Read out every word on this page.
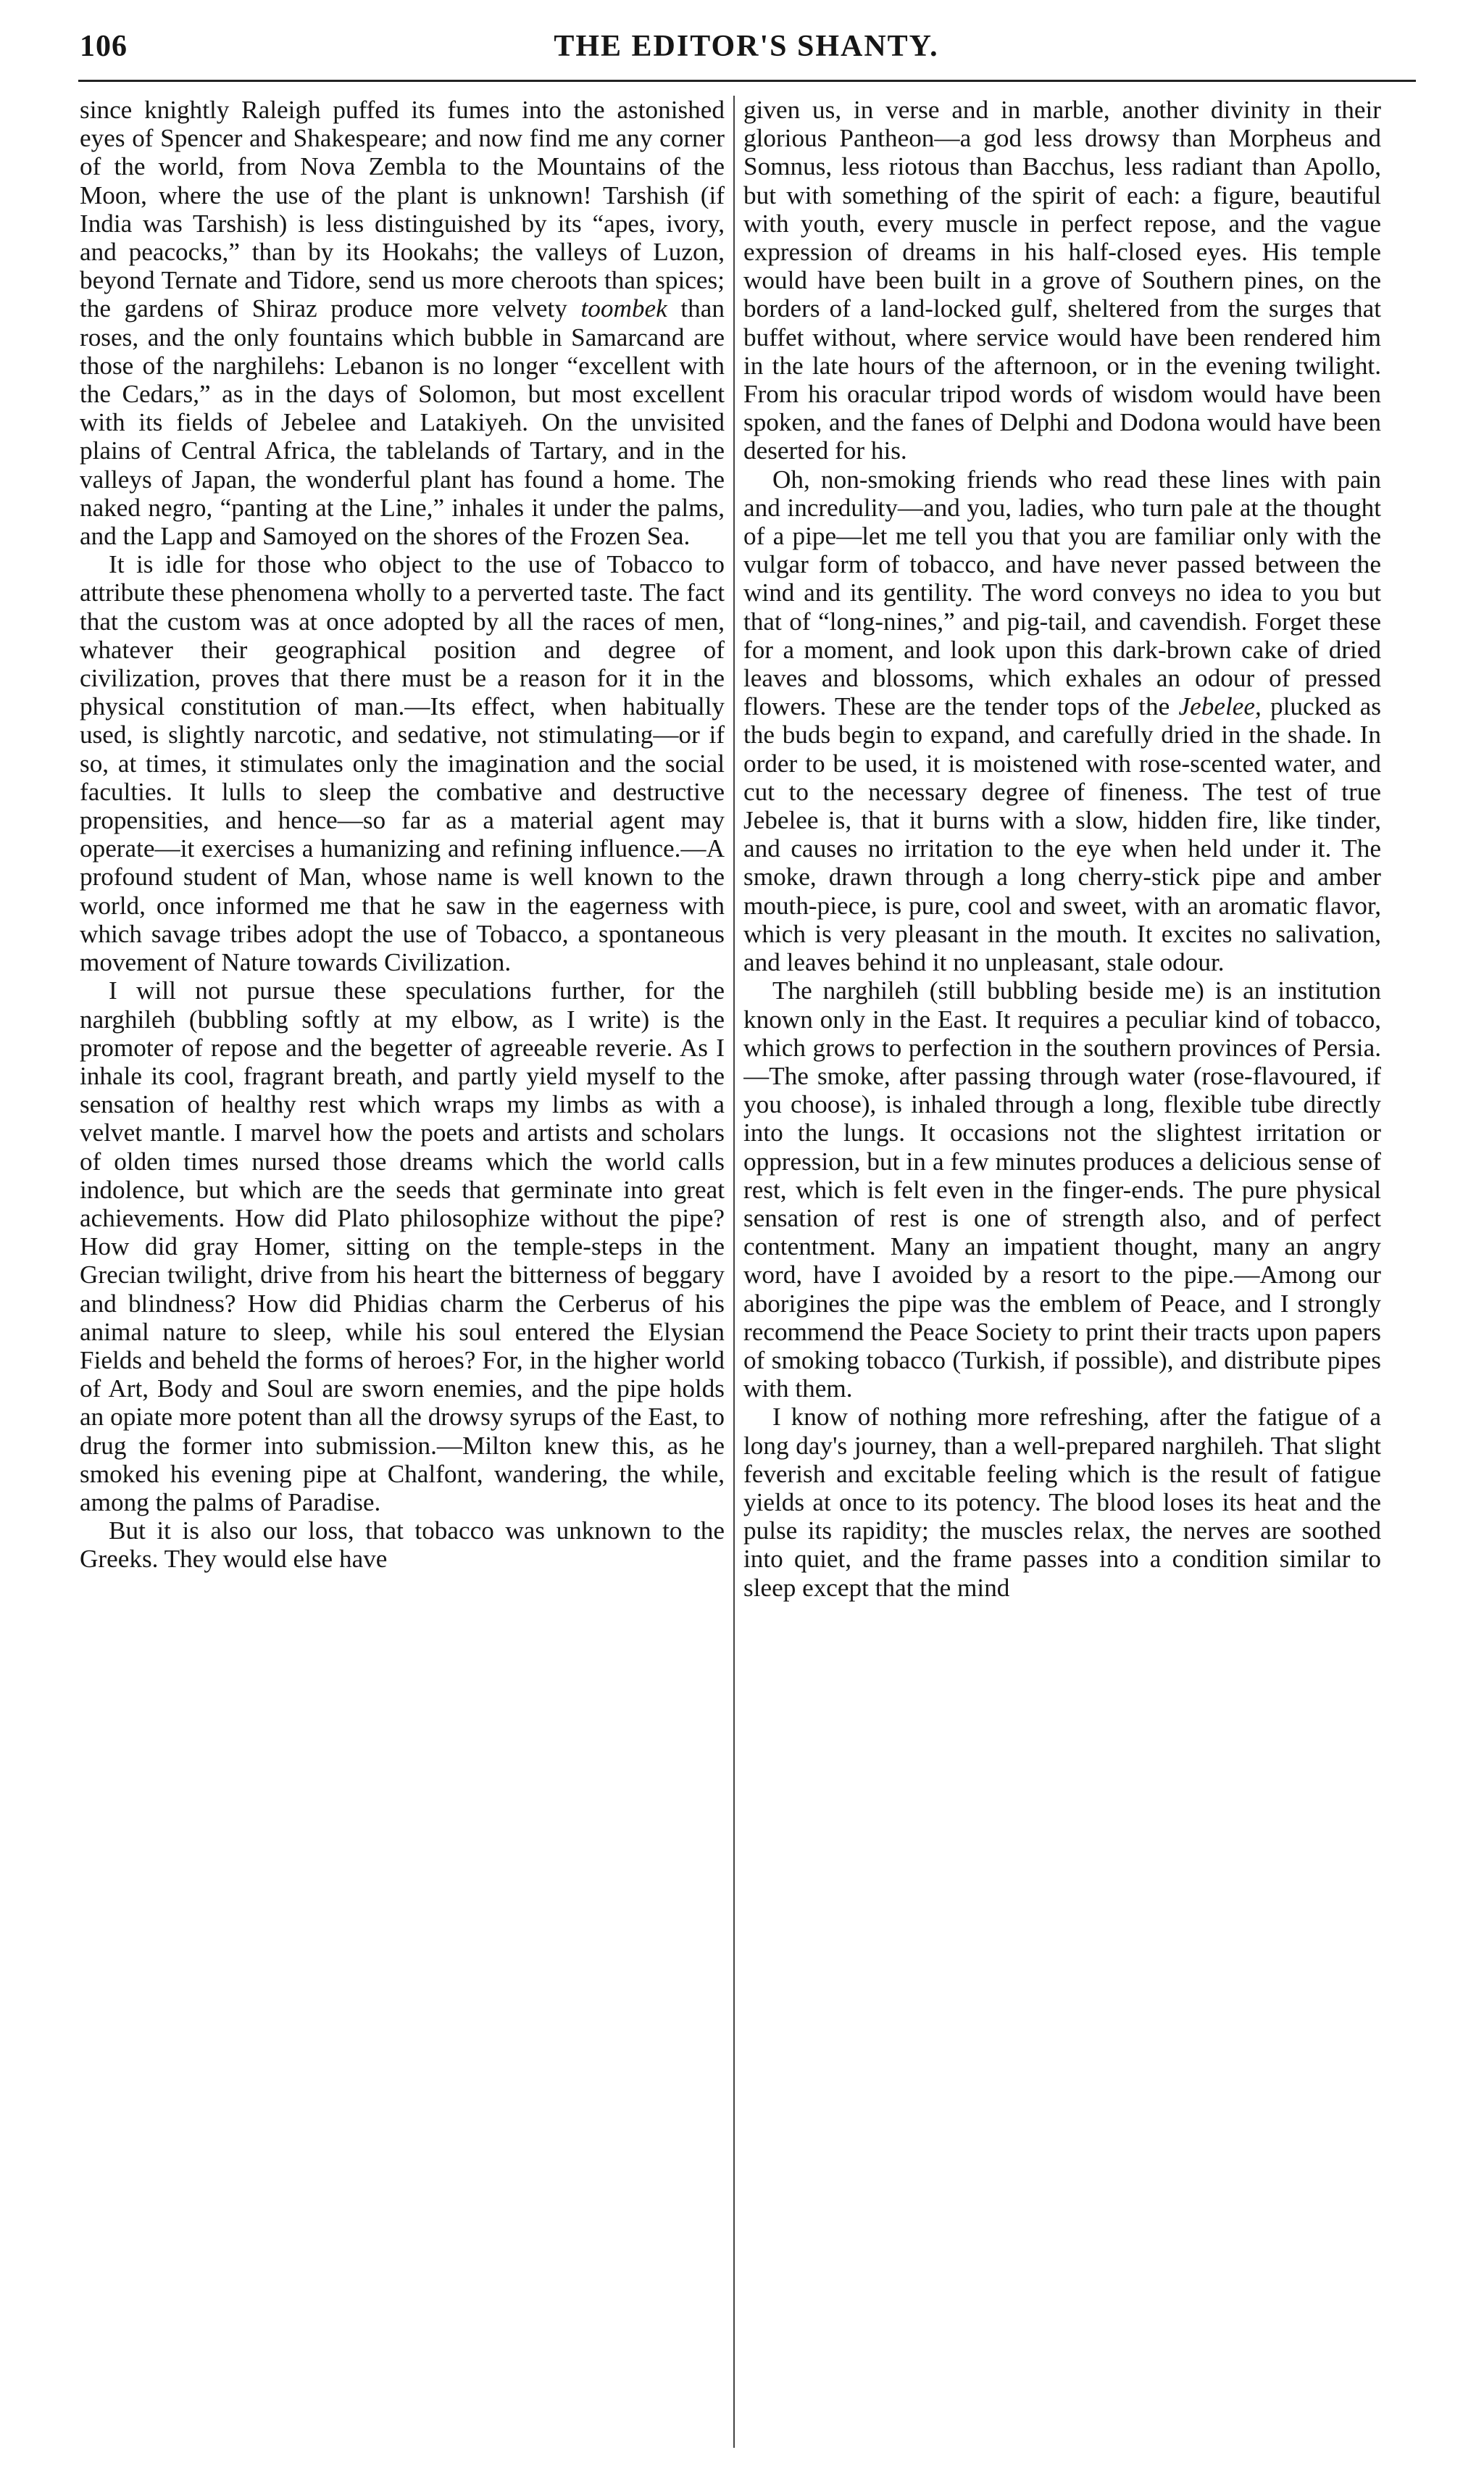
THE EDITOR'S SHANTY.
106

since knightly Raleigh puffed its fumes into the astonished eyes of Spencer and Shakespeare; and now find me any corner of the world, from Nova Zembla to the Mountains of the Moon, where the use of the plant is unknown! Tarshish (if India was Tarshish) is less distinguished by its “apes, ivory, and peacocks,” than by its Hookahs; the valleys of Luzon, beyond Ternate and Tidore, send us more cheroots than spices; the gardens of Shiraz produce more velvety toombek than roses, and the only fountains which bubble in Samarcand are those of the narghilehs: Lebanon is no longer “excellent with the Cedars,” as in the days of Solomon, but most excellent with its fields of Jebelee and Latakiyeh. On the unvisited plains of Central Africa, the tablelands of Tartary, and in the valleys of Japan, the wonderful plant has found a home. The naked negro, “panting at the Line,” inhales it under the palms, and the Lapp and Samoyed on the shores of the Frozen Sea.

It is idle for those who object to the use of Tobacco to attribute these phenomena wholly to a perverted taste. The fact that the custom was at once adopted by all the races of men, whatever their geographical position and degree of civilization, proves that there must be a reason for it in the physical constitution of man.—Its effect, when habitually used, is slightly narcotic, and sedative, not stimulating—or if so, at times, it stimulates only the imagination and the social faculties. It lulls to sleep the combative and destructive propensities, and hence—so far as a material agent may operate—it exercises a humanizing and refining influence.—A profound student of Man, whose name is well known to the world, once informed me that he saw in the eagerness with which savage tribes adopt the use of Tobacco, a spontaneous movement of Nature towards Civilization.

I will not pursue these speculations further, for the narghileh (bubbling softly at my elbow, as I write) is the promoter of repose and the begetter of agreeable reverie. As I inhale its cool, fragrant breath, and partly yield myself to the sensation of healthy rest which wraps my limbs as with a velvet mantle. I marvel how the poets and artists and scholars of olden times nursed those dreams which the world calls indolence, but which are the seeds that germinate into great achievements. How did Plato philosophize without the pipe? How did gray Homer, sitting on the temple-steps in the Grecian twilight, drive from his heart the bitterness of beggary and blindness? How did Phidias charm the Cerberus of his animal nature to sleep, while his soul entered the Elysian Fields and beheld the forms of heroes? For, in the higher world of Art, Body and Soul are sworn enemies, and the pipe holds an opiate more potent than all the drowsy syrups of the East, to drug the former into submission.—Milton knew this, as he smoked his evening pipe at Chalfont, wandering, the while, among the palms of Paradise.

But it is also our loss, that tobacco was unknown to the Greeks. They would else have

given us, in verse and in marble, another divinity in their glorious Pantheon—a god less drowsy than Morpheus and Somnus, less riotous than Bacchus, less radiant than Apollo, but with something of the spirit of each: a figure, beautiful with youth, every muscle in perfect repose, and the vague expression of dreams in his half-closed eyes. His temple would have been built in a grove of Southern pines, on the borders of a land-locked gulf, sheltered from the surges that buffet without, where service would have been rendered him in the late hours of the afternoon, or in the evening twilight. From his oracular tripod words of wisdom would have been spoken, and the fanes of Delphi and Dodona would have been deserted for his.

Oh, non-smoking friends who read these lines with pain and incredulity—and you, ladies, who turn pale at the thought of a pipe—let me tell you that you are familiar only with the vulgar form of tobacco, and have never passed between the wind and its gentility. The word conveys no idea to you but that of “long-nines,” and pig-tail, and cavendish. Forget these for a moment, and look upon this dark-brown cake of dried leaves and blossoms, which exhales an odour of pressed flowers. These are the tender tops of the Jebelee, plucked as the buds begin to expand, and carefully dried in the shade. In order to be used, it is moistened with rose-scented water, and cut to the necessary degree of fineness. The test of true Jebelee is, that it burns with a slow, hidden fire, like tinder, and causes no irritation to the eye when held under it. The smoke, drawn through a long cherry-stick pipe and amber mouth-piece, is pure, cool and sweet, with an aromatic flavor, which is very pleasant in the mouth. It excites no salivation, and leaves behind it no unpleasant, stale odour.

The narghileh (still bubbling beside me) is an institution known only in the East. It requires a peculiar kind of tobacco, which grows to perfection in the southern provinces of Persia.—The smoke, after passing through water (rose-flavoured, if you choose), is inhaled through a long, flexible tube directly into the lungs. It occasions not the slightest irritation or oppression, but in a few minutes produces a delicious sense of rest, which is felt even in the finger-ends. The pure physical sensation of rest is one of strength also, and of perfect contentment. Many an impatient thought, many an angry word, have I avoided by a resort to the pipe.—Among our aborigines the pipe was the emblem of Peace, and I strongly recommend the Peace Society to print their tracts upon papers of smoking tobacco (Turkish, if possible), and distribute pipes with them.

I know of nothing more refreshing, after the fatigue of a long day's journey, than a well-prepared narghileh. That slight feverish and excitable feeling which is the result of fatigue yields at once to its potency. The blood loses its heat and the pulse its rapidity; the muscles relax, the nerves are soothed into quiet, and the frame passes into a condition similar to sleep except that the mind
